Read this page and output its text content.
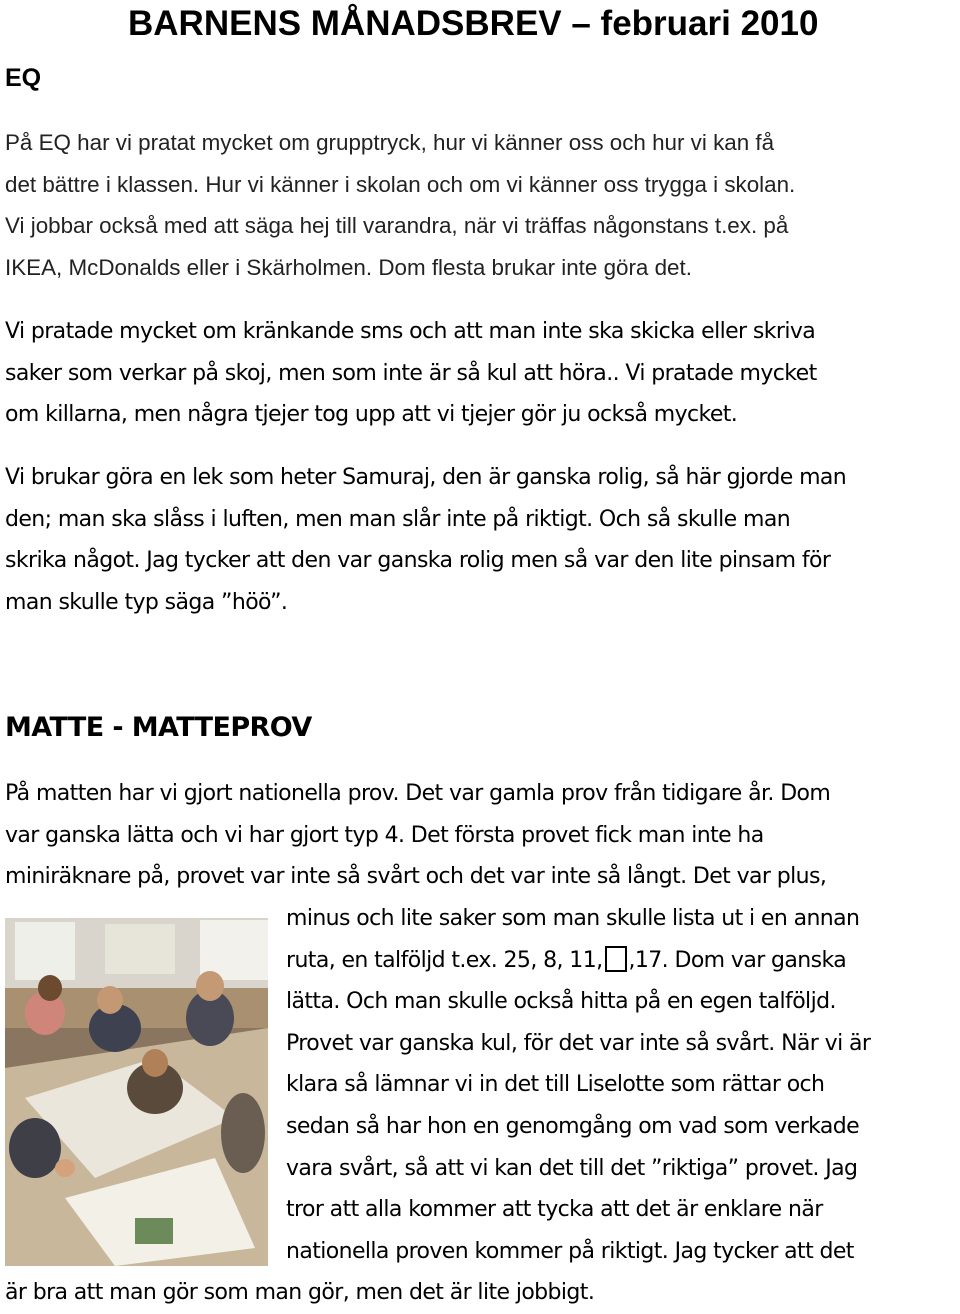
BARNENS MÅNADSBREV – februari 2010
EQ
På EQ har vi pratat mycket om grupptryck, hur vi känner oss och hur vi kan få
det bättre i klassen. Hur vi känner i skolan och om vi känner oss trygga i skolan.
Vi jobbar också med att säga hej till varandra, när vi träffas någonstans t.ex. på
IKEA, McDonalds eller i Skärholmen. Dom flesta brukar inte göra det.
Vi pratade mycket om kränkande sms och att man inte ska skicka eller skriva
saker som verkar på skoj, men som inte är så kul att höra.. Vi pratade mycket
om killarna, men några tjejer tog upp att vi tjejer gör ju också mycket.
Vi brukar göra en lek som heter Samuraj, den är ganska rolig, så här gjorde man
den; man ska slåss i luften, men man slår inte på riktigt. Och så skulle man
skrika något. Jag tycker att den var ganska rolig men så var den lite pinsam för
man skulle typ säga ”höö”.
MATTE - MATTEPROV
På matten har vi gjort nationella prov. Det var gamla prov från tidigare år. Dom
var ganska lätta och vi har gjort typ 4. Det första provet fick man inte ha
miniräknare på, provet var inte så svårt och det var inte så långt. Det var plus,
minus och lite saker som man skulle lista ut i en annan
ruta, en talföljd t.ex. 25, 8, 11, ,17. Dom var ganska
lätta. Och man skulle också hitta på en egen talföljd.
Provet var ganska kul, för det var inte så svårt. När vi är
klara så lämnar vi in det till Liselotte som rättar och
sedan så har hon en genomgång om vad som verkade
vara svårt, så att vi kan det till det ”riktiga” provet. Jag
tror att alla kommer att tycka att det är enklare när
nationella proven kommer på riktigt. Jag tycker att det
är bra att man gör som man gör, men det är lite jobbigt.
